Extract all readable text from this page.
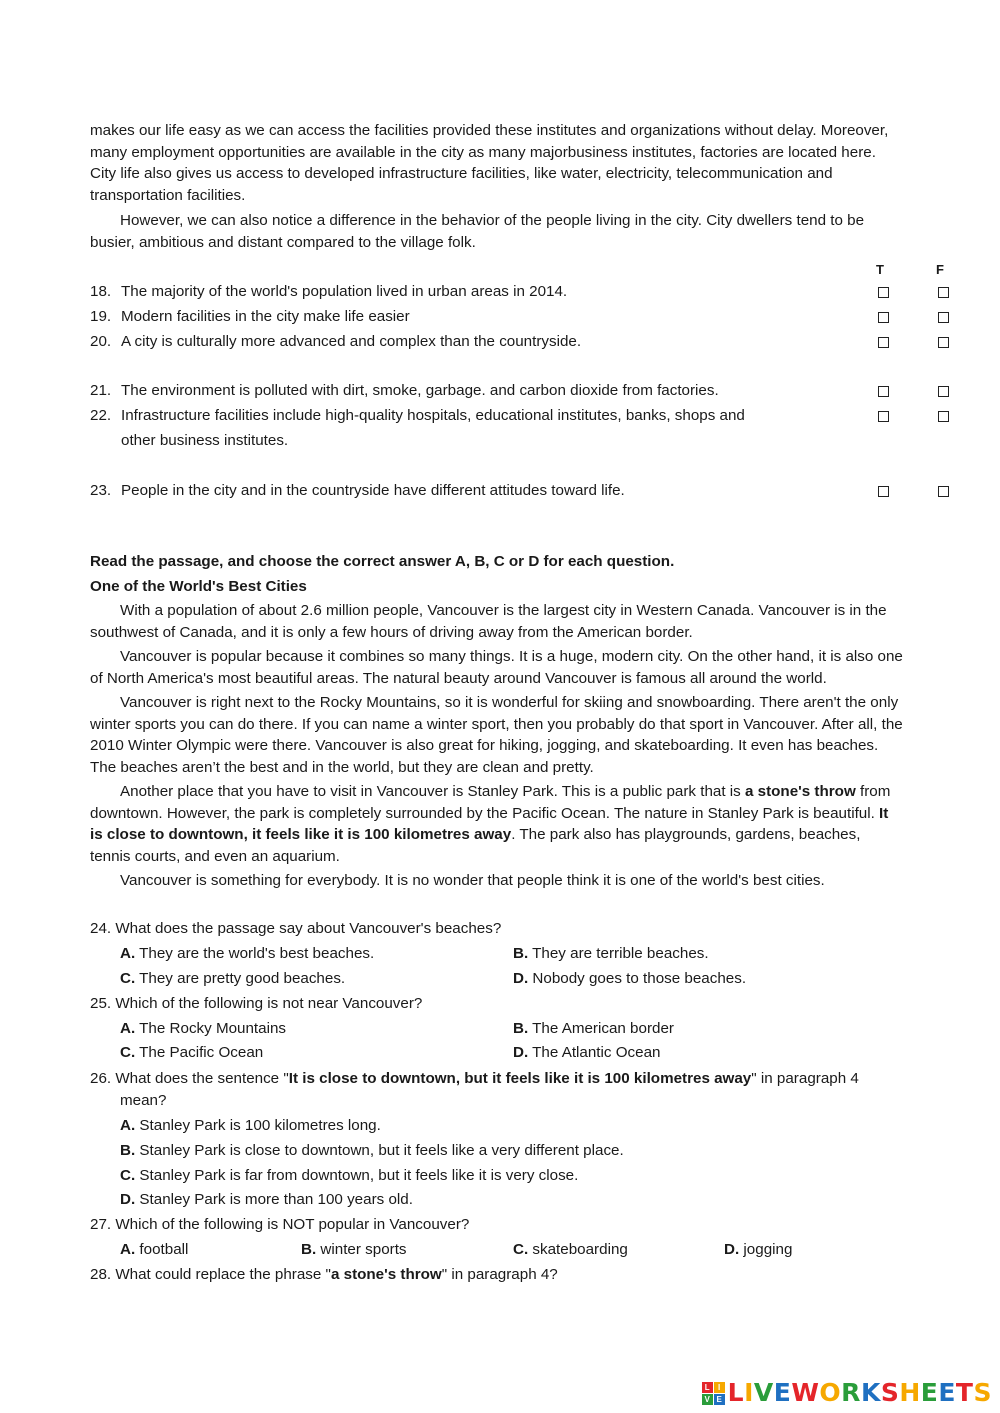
makes our life easy as we can access the facilities provided these institutes and organizations without delay. Moreover, many employment opportunities are available in the city as many majorbusiness institutes, factories are located here. City life also gives us access to developed infrastructure facilities, like water, electricity, telecommunication and transportation facilities.

However, we can also notice a difference in the behavior of the people living in the city. City dwellers tend to be busier, ambitious and distant compared to the village folk.

T	F
18. The majority of the world's population lived in urban areas in 2014.
19. Modern facilities in the city make life easier
20. A city is culturally more advanced and complex than the countryside.
21. The environment is polluted with dirt, smoke, garbage. and carbon dioxide from factories.
22. Infrastructure facilities include high-quality hospitals, educational institutes, banks, shops and other business institutes.
23. People in the city and in the countryside have different attitudes toward life.

Read the passage, and choose the correct answer A, B, C or D for each question.

One of the World's Best Cities

With a population of about 2.6 million people, Vancouver is the largest city in Western Canada. Vancouver is in the southwest of Canada, and it is only a few hours of driving away from the American border.

Vancouver is popular because it combines so many things. It is a huge, modern city. On the other hand, it is also one of North America's most beautiful areas. The natural beauty around Vancouver is famous all around the world.

Vancouver is right next to the Rocky Mountains, so it is wonderful for skiing and snowboarding. There aren't the only winter sports you can do there. If you can name a winter sport, then you probably do that sport in Vancouver. After all, the 2010 Winter Olympic were there. Vancouver is also great for hiking, jogging, and skateboarding. It even has beaches. The beaches aren’t the best and in the world, but they are clean and pretty.

Another place that you have to visit in Vancouver is Stanley Park. This is a public park that is a stone's throw from downtown. However, the park is completely surrounded by the Pacific Ocean. The nature in Stanley Park is beautiful. It is close to downtown, it feels like it is 100 kilometres away. The park also has playgrounds, gardens, beaches, tennis courts, and even an aquarium.

Vancouver is something for everybody. It is no wonder that people think it is one of the world's best cities.

24. What does the passage say about Vancouver's beaches?
A. They are the world's best beaches.	B. They are terrible beaches.
C. They are pretty good beaches.	D. Nobody goes to those beaches.
25. Which of the following is not near Vancouver?
A. The Rocky Mountains	B. The American border
C. The Pacific Ocean	D. The Atlantic Ocean
26. What does the sentence "It is close to downtown, but it feels like it is 100 kilometres away" in paragraph 4
mean?
A. Stanley Park is 100 kilometres long.
B. Stanley Park is close to downtown, but it feels like a very different place.
C. Stanley Park is far from downtown, but it feels like it is very close.
D. Stanley Park is more than 100 years old.
27. Which of the following is NOT popular in Vancouver?
A. football	B. winter sports	C. skateboarding	D. jogging
28. What could replace the phrase "a stone's throw" in paragraph 4?
L	I
V E LIVEWORKSHEETS
